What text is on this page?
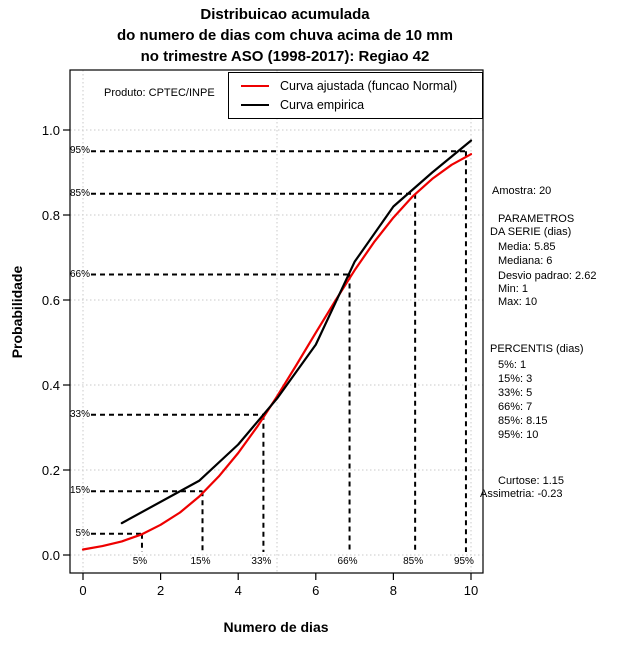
Distribuicao acumulada
do numero de dias com chuva acima de 10 mm
no trimestre ASO (1998-2017): Regiao 42
Produto: CPTEC/INPE	Curva ajustada (funcao Normal)
Curva empirica
Numero de dias
Probabilidade
0	2	4	6	8	10
0.0
0.2
0.4
0.6
0.8
1.0
5%
5%
15%
15%
33%
33%
66%
66%
85%
85%
95%
95%
Amostra: 20
PARAMETROS
DA SERIE (dias)
Media: 5.85
Mediana: 6
Desvio padrao: 2.62
Min: 1
Max: 10
PERCENTIS (dias)
5%: 1
15%: 3
33%: 5
66%: 7
85%: 8.15
95%: 10
Curtose: 1.15
Assimetria: -0.23
